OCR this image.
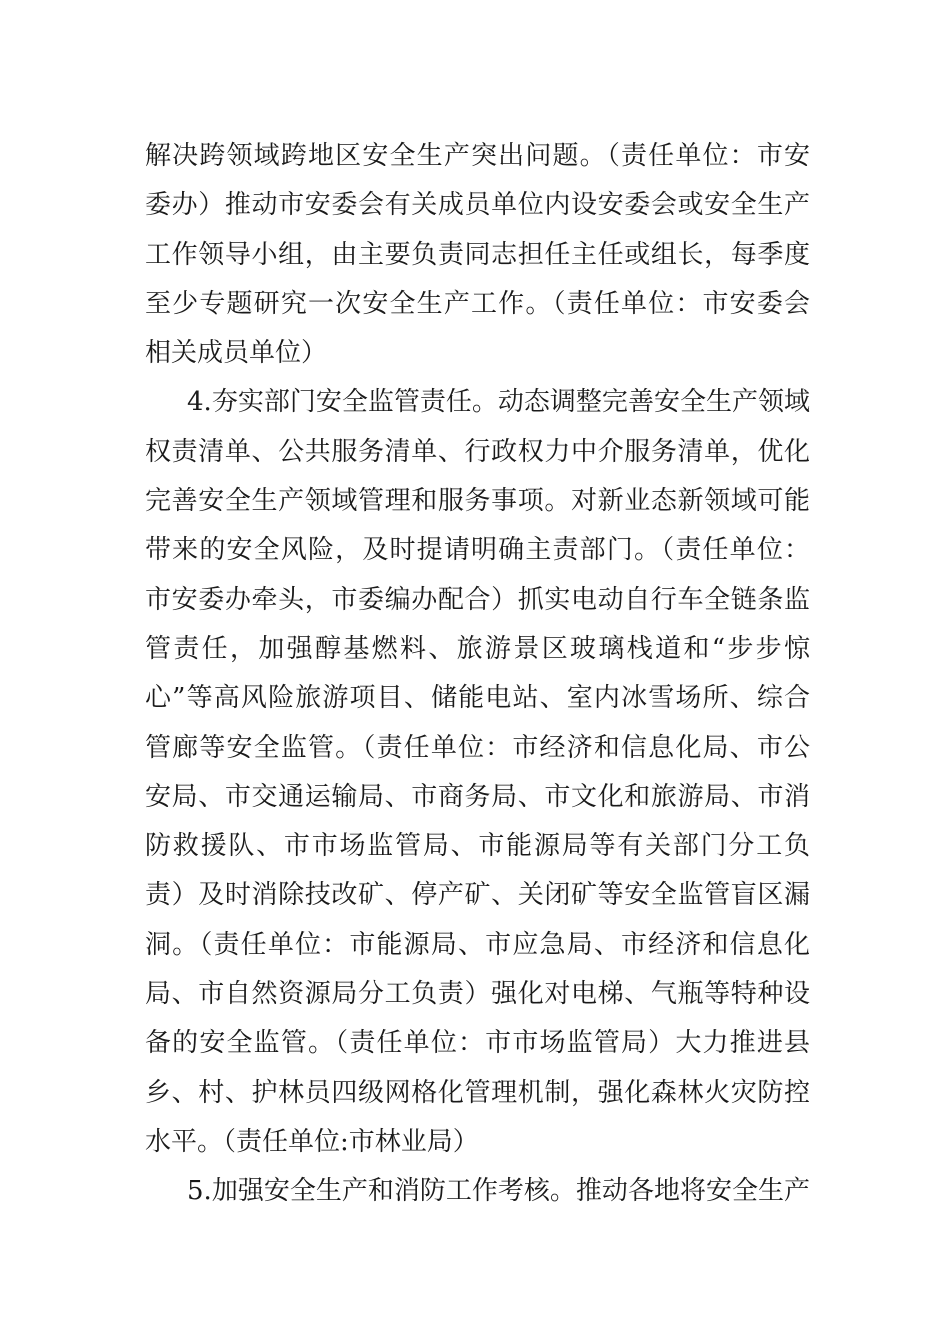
解决跨领域跨地区安全生产突出问题。（责任单位：市安
委办）推动市安委会有关成员单位内设安委会或安全生产
工作领导小组，由主要负责同志担任主任或组长，每季度
至少专题研究一次安全生产工作。（责任单位：市安委会
相关成员单位）
4.夯实部门安全监管责任。动态调整完善安全生产领域
权责清单、公共服务清单、行政权力中介服务清单，优化
完善安全生产领域管理和服务事项。对新业态新领域可能
带来的安全风险，及时提请明确主责部门。（责任单位：
市安委办牵头，市委编办配合）抓实电动自行车全链条监
管责任，加强醇基燃料、旅游景区玻璃栈道和“步步惊
心”等高风险旅游项目、储能电站、室内冰雪场所、综合
管廊等安全监管。（责任单位：市经济和信息化局、市公
安局、市交通运输局、市商务局、市文化和旅游局、市消
防救援队、市市场监管局、市能源局等有关部门分工负
责）及时消除技改矿、停产矿、关闭矿等安全监管盲区漏
洞。（责任单位：市能源局、市应急局、市经济和信息化
局、市自然资源局分工负责）强化对电梯、气瓶等特种设
备的安全监管。（责任单位：市市场监管局）大力推进县
乡、村、护林员四级网格化管理机制，强化森林火灾防控
水平。（责任单位:市林业局）
5.加强安全生产和消防工作考核。推动各地将安全生产
